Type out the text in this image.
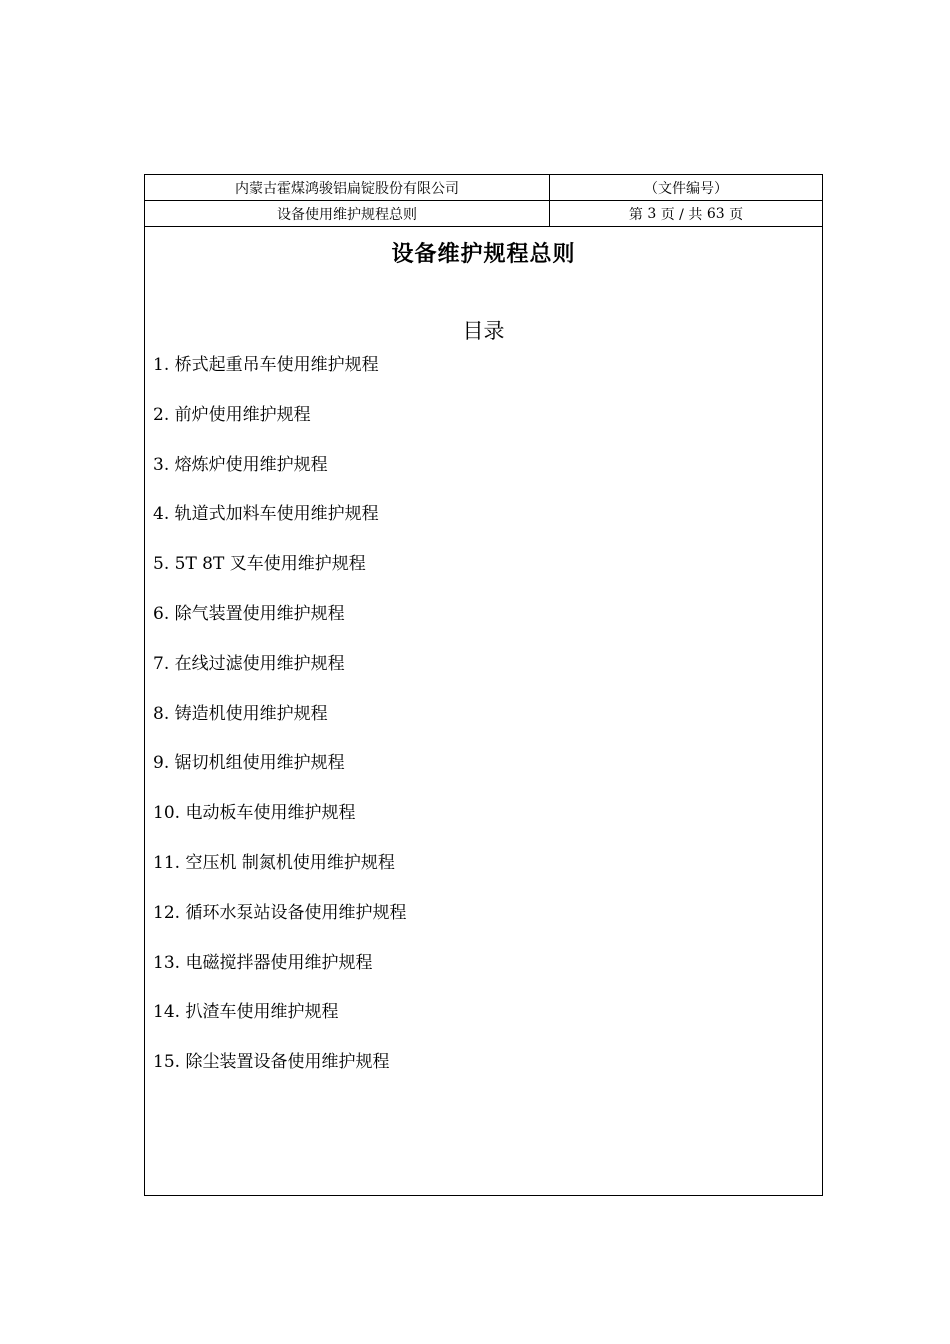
内蒙古霍煤鸿骏铝扁锭股份有限公司	（文件编号）
设备使用维护规程总则	第
3
页 / 共
63
页
设备维护规程总则
目录
1. 桥式起重吊车使用维护规程
2. 前炉使用维护规程
3. 熔炼炉使用维护规程
4. 轨道式加料车使用维护规程
5. 5T 8T 叉车使用维护规程
6. 除气装置使用维护规程
7. 在线过滤使用维护规程
8. 铸造机使用维护规程
9. 锯切机组使用维护规程
10. 电动板车使用维护规程
11. 空压机 制氮机使用维护规程
12. 循环水泵站设备使用维护规程
13. 电磁搅拌器使用维护规程
14. 扒渣车使用维护规程
15. 除尘装置设备使用维护规程
